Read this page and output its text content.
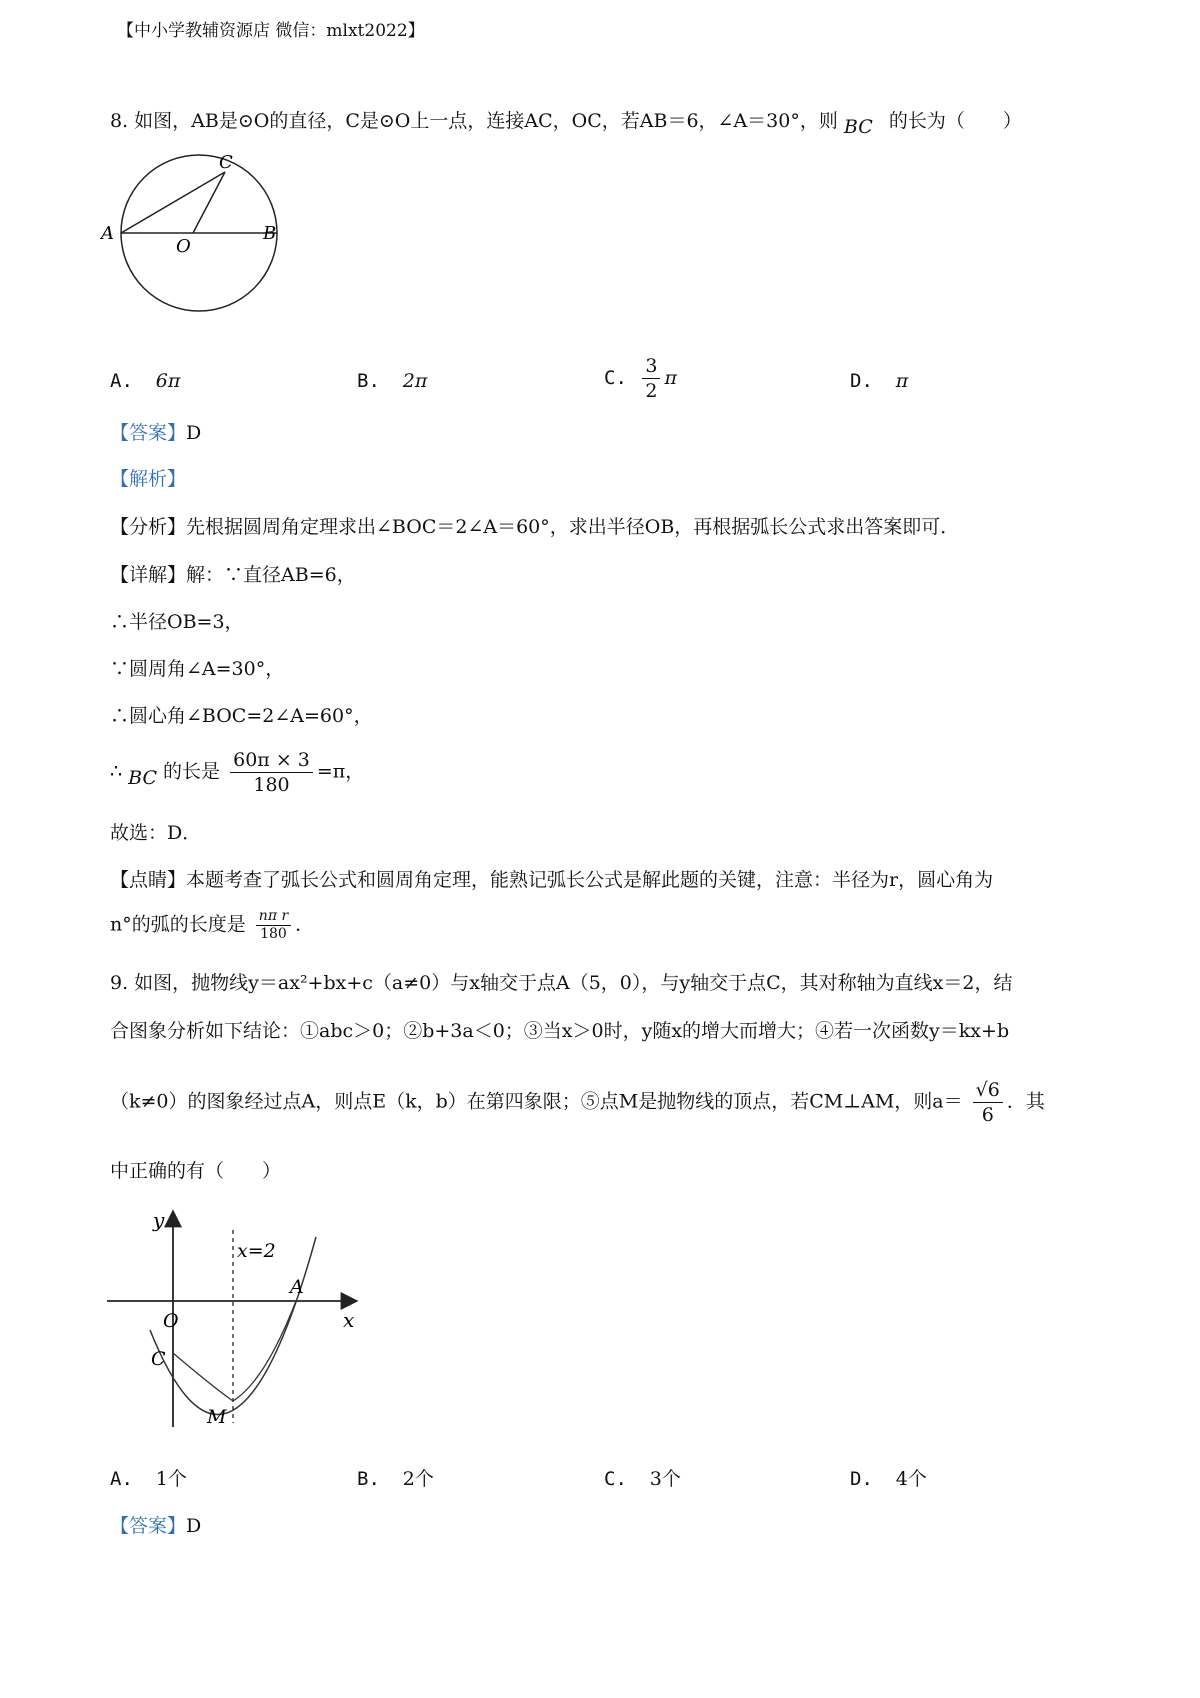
【中小学教辅资源店 微信：mlxt2022】
8. 如图，AB是⊙O的直径，C是⊙O上一点，连接AC，OC，若AB＝6，∠A＝30°，则 BC 的长为（　　）
A	B
C
O
A. 6π	B. 2π	C. $\frac{3}{2}$ π	D. π
【答案】D
【解析】
【分析】先根据圆周角定理求出∠BOC＝2∠A＝60°，求出半径OB，再根据弧长公式求出答案即可．
【详解】解：∵直径AB=6，
∴半径OB=3，
∵圆周角∠A=30°，
∴圆心角∠BOC=2∠A=60°，
∴ BC 的长是 $\frac{60\pi \times 3}{180} =\pi$，
故选：D．
【点睛】本题考查了弧长公式和圆周角定理，能熟记弧长公式是解此题的关键，注意：半径为r，圆心角为
n°的弧的长度是 $\frac{\text{nπ r}}{180}$ ．
9. 如图，抛物线y＝ax²+bx+c（a≠0）与x轴交于点A（5，0），与y轴交于点C，其对称轴为直线x＝2，结
合图象分析如下结论：①abc＞0；②b+3a＜0；③当x＞0时，y随x的增大而增大；④若一次函数y＝kx+b
（k≠0）的图象经过点A，则点E（k，b）在第四象限；⑤点M是抛物线的顶点，若CM⊥AM，则$a= \frac{√6}{6}$ ．其
中正确的有（　　）
y
x
O
A
C
M
x=2
A. 1个	B. 2个	C. 3个	D. 4个
【答案】D
